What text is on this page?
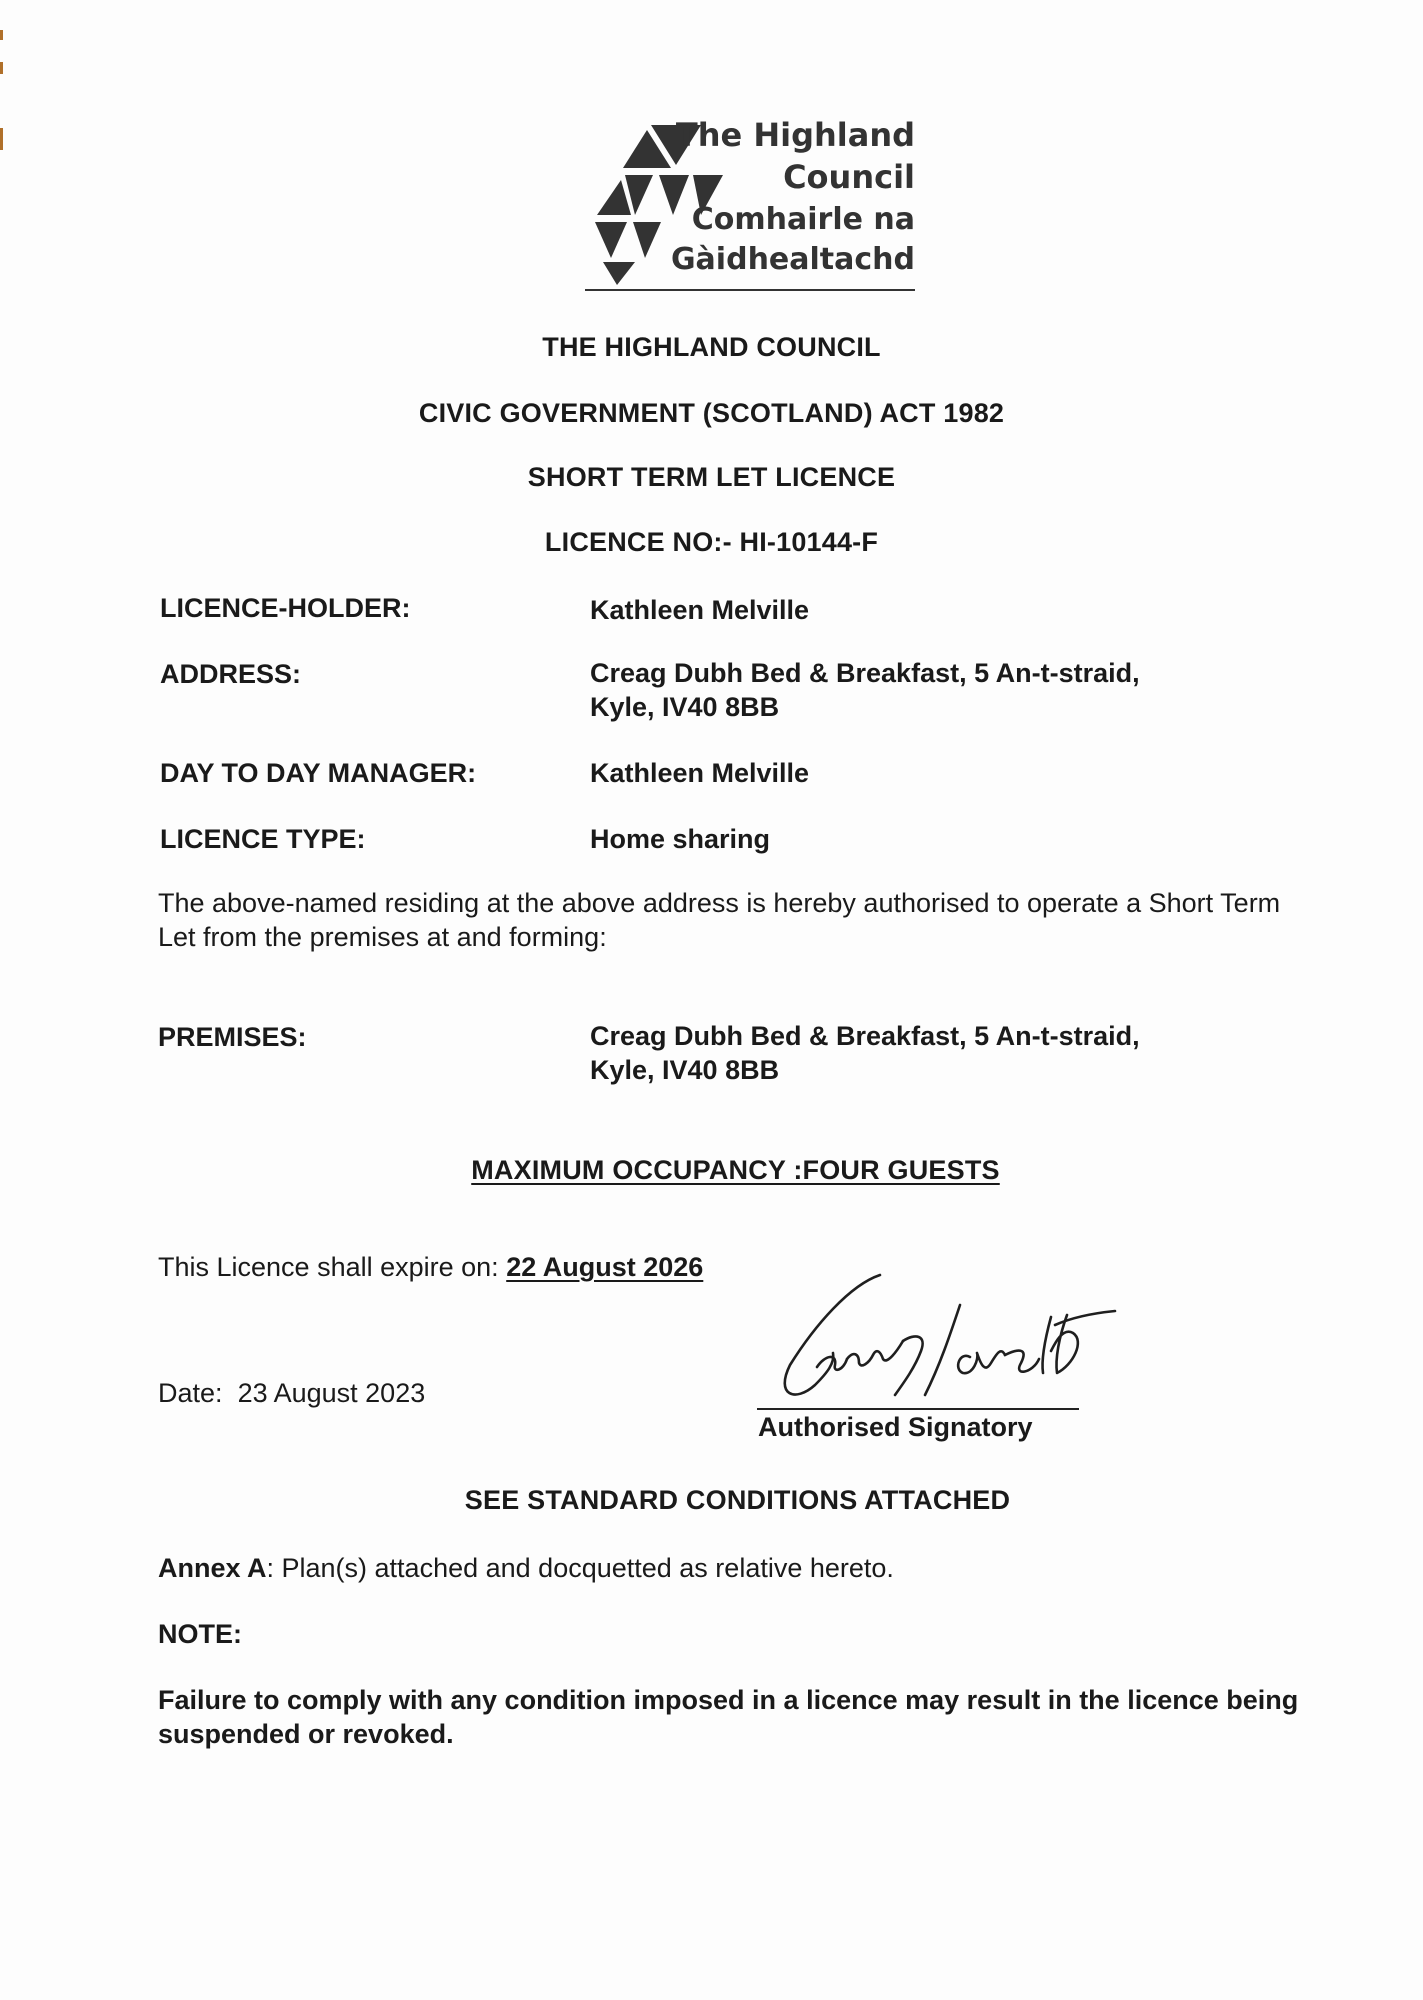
The Highland
Council
Comhairle na
Gàidhealtachd
THE HIGHLAND COUNCIL
CIVIC GOVERNMENT (SCOTLAND) ACT 1982
SHORT TERM LET LICENCE
LICENCE NO:- HI-10144-F
LICENCE-HOLDER:	Kathleen Melville
ADDRESS:	Creag Dubh Bed & Breakfast, 5 An-t-straid,
Kyle, IV40 8BB
DAY TO DAY MANAGER:	Kathleen Melville
LICENCE TYPE:	Home sharing
The above-named residing at the above address is hereby authorised to operate a Short Term Let from the premises at and forming:
PREMISES:	Creag Dubh Bed & Breakfast, 5 An-t-straid,
Kyle, IV40 8BB
MAXIMUM OCCUPANCY :FOUR GUESTS
This Licence shall expire on: 22 August 2026
Date: 23 August 2023
Authorised Signatory
SEE STANDARD CONDITIONS ATTACHED
Annex A: Plan(s) attached and docquetted as relative hereto.
NOTE:
Failure to comply with any condition imposed in a licence may result in the licence being suspended or revoked.
